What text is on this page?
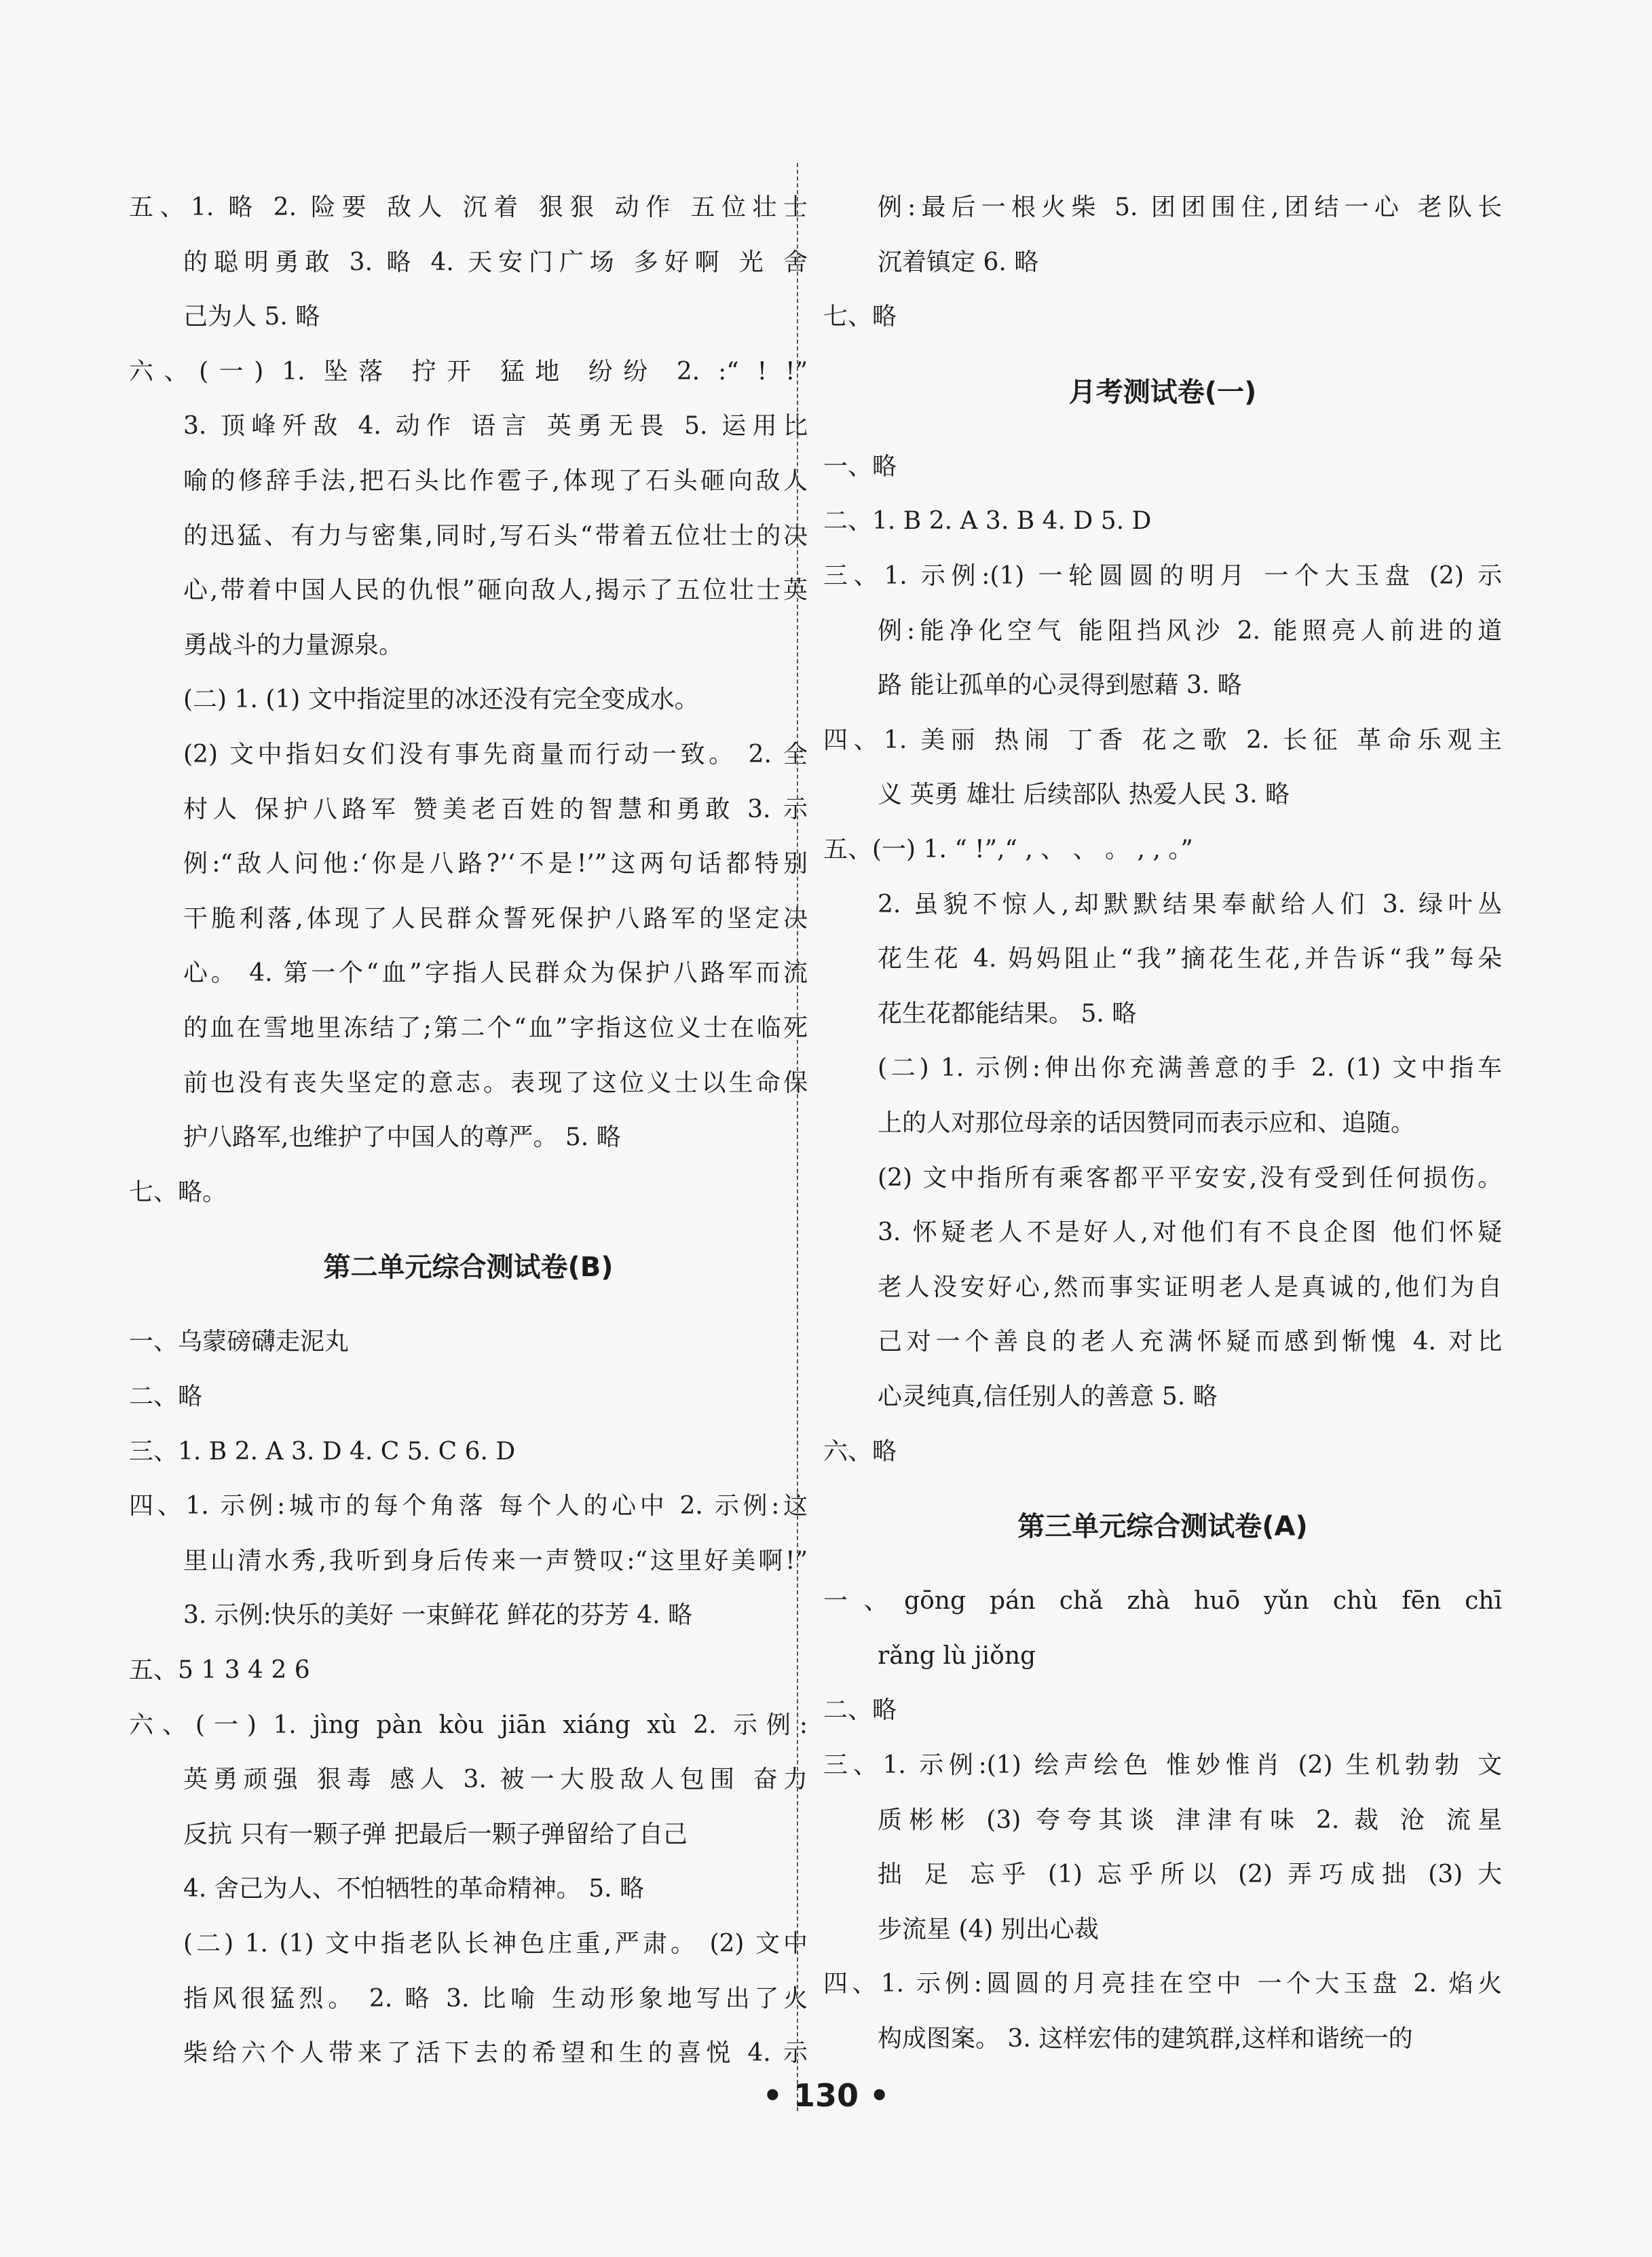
五、1. 略 2. 险要 敌人 沉着 狠狠 动作 五位壮士
的聪明勇敢 3. 略 4. 天安门广场 多好啊 光 舍
己为人 5. 略
六、(一) 1. 坠落 拧开 猛地 纷纷 2. :“ ! !”
3. 顶峰歼敌 4. 动作 语言 英勇无畏 5. 运用比
喻的修辞手法,把石头比作雹子,体现了石头砸向敌人
的迅猛、有力与密集,同时,写石头“带着五位壮士的决
心,带着中国人民的仇恨”砸向敌人,揭示了五位壮士英
勇战斗的力量源泉。
(二) 1. (1) 文中指淀里的冰还没有完全变成水。
(2) 文中指妇女们没有事先商量而行动一致。 2. 全
村人 保护八路军 赞美老百姓的智慧和勇敢 3. 示
例:“敌人问他:‘你是八路?’‘不是!’”这两句话都特别
干脆利落,体现了人民群众誓死保护八路军的坚定决
心。 4. 第一个“血”字指人民群众为保护八路军而流
的血在雪地里冻结了;第二个“血”字指这位义士在临死
前也没有丧失坚定的意志。表现了这位义士以生命保
护八路军,也维护了中国人的尊严。 5. 略
七、略。
第二单元综合测试卷(B)
一、乌蒙磅礴走泥丸
二、略
三、1. B 2. A 3. D 4. C 5. C 6. D
四、1. 示例:城市的每个角落 每个人的心中 2. 示例:这
里山清水秀,我听到身后传来一声赞叹:“这里好美啊!”
3. 示例:快乐的美好 一束鲜花 鲜花的芬芳 4. 略
五、5 1 3 4 2 6
六、(一) 1. jìng pàn kòu jiān xiáng xù 2. 示例:
英勇顽强 狠毒 感人 3. 被一大股敌人包围 奋力
反抗 只有一颗子弹 把最后一颗子弹留给了自己
4. 舍己为人、不怕牺牲的革命精神。 5. 略
(二) 1. (1) 文中指老队长神色庄重,严肃。 (2) 文中
指风很猛烈。 2. 略 3. 比喻 生动形象地写出了火
柴给六个人带来了活下去的希望和生的喜悦 4. 示
例:最后一根火柴 5. 团团围住,团结一心 老队长
沉着镇定 6. 略
七、略
月考测试卷(一)
一、略
二、1. B 2. A 3. B 4. D 5. D
三、1. 示例:(1) 一轮圆圆的明月 一个大玉盘 (2) 示
例:能净化空气 能阻挡风沙 2. 能照亮人前进的道
路 能让孤单的心灵得到慰藉 3. 略
四、1. 美丽 热闹 丁香 花之歌 2. 长征 革命乐观主
义 英勇 雄壮 后续部队 热爱人民 3. 略
五、(一) 1. “ !”,“ , 、 、 。 , , 。”
2. 虽貌不惊人,却默默结果奉献给人们 3. 绿叶丛
花生花 4. 妈妈阻止“我”摘花生花,并告诉“我”每朵
花生花都能结果。 5. 略
(二) 1. 示例:伸出你充满善意的手 2. (1) 文中指车
上的人对那位母亲的话因赞同而表示应和、追随。
(2) 文中指所有乘客都平平安安,没有受到任何损伤。
3. 怀疑老人不是好人,对他们有不良企图 他们怀疑
老人没安好心,然而事实证明老人是真诚的,他们为自
己对一个善良的老人充满怀疑而感到惭愧 4. 对比
心灵纯真,信任别人的善意 5. 略
六、略
第三单元综合测试卷(A)
一、gōng pán chǎ zhà huō yǔn chù fēn chī
rǎng lù jiǒng
二、略
三、1. 示例:(1) 绘声绘色 惟妙惟肖 (2) 生机勃勃 文
质彬彬 (3) 夸夸其谈 津津有味 2. 裁 沧 流星
拙 足 忘乎 (1) 忘乎所以 (2) 弄巧成拙 (3) 大
步流星 (4) 别出心裁
四、1. 示例:圆圆的月亮挂在空中 一个大玉盘 2. 焰火
构成图案。 3. 这样宏伟的建筑群,这样和谐统一的
• 130 •
